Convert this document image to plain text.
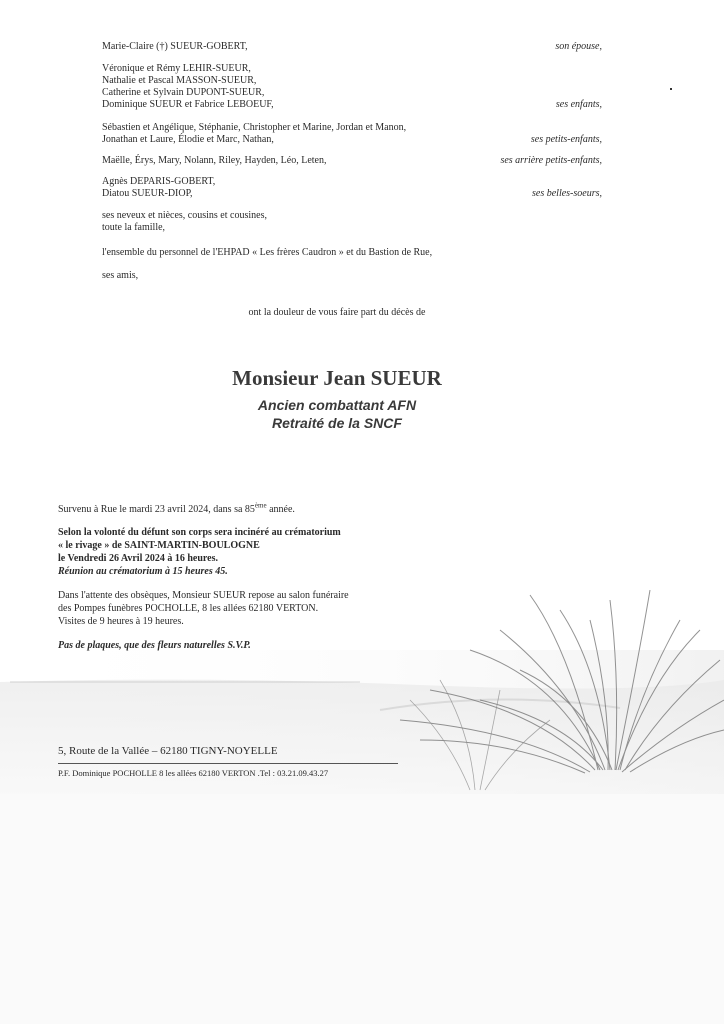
Marie-Claire (†) SUEUR-GOBERT,	son épouse,
Véronique et Rémy LEHIR-SUEUR,
Nathalie et Pascal MASSON-SUEUR,
Catherine et Sylvain DUPONT-SUEUR,
Dominique SUEUR et Fabrice LEBOEUF,	ses enfants,
Sébastien et Angélique, Stéphanie, Christopher et Marine, Jordan et Manon,
Jonathan et Laure, Élodie et Marc, Nathan,	ses petits-enfants,
Maëlle, Érys, Mary, Nolann, Riley, Hayden, Léo, Leten,	ses arrière petits-enfants,
Agnès DEPARIS-GOBERT,
Diatou SUEUR-DIOP,	ses belles-soeurs,
ses neveux et nièces, cousins et cousines,
toute la famille,
l'ensemble du personnel de l'EHPAD « Les frères Caudron » et du Bastion de Rue,
ses amis,
ont la douleur de vous faire part du décès de
Monsieur Jean SUEUR
Ancien combattant AFN
Retraité de la SNCF
Survenu à Rue le mardi 23 avril 2024, dans sa 85ème année.
Selon la volonté du défunt son corps sera incinéré au crématorium
« le rivage » de SAINT-MARTIN-BOULOGNE
le Vendredi 26 Avril 2024 à 16 heures.
Réunion au crématorium à 15 heures 45.
Dans l'attente des obsèques, Monsieur SUEUR repose au salon funéraire
des Pompes funèbres POCHOLLE, 8 les allées 62180 VERTON.
Visites de 9 heures à 19 heures.
Pas de plaques, que des fleurs naturelles S.V.P.
5, Route de la Vallée – 62180 TIGNY-NOYELLE
P.F. Dominique POCHOLLE 8 les allées 62180 VERTON .Tel : 03.21.09.43.27
